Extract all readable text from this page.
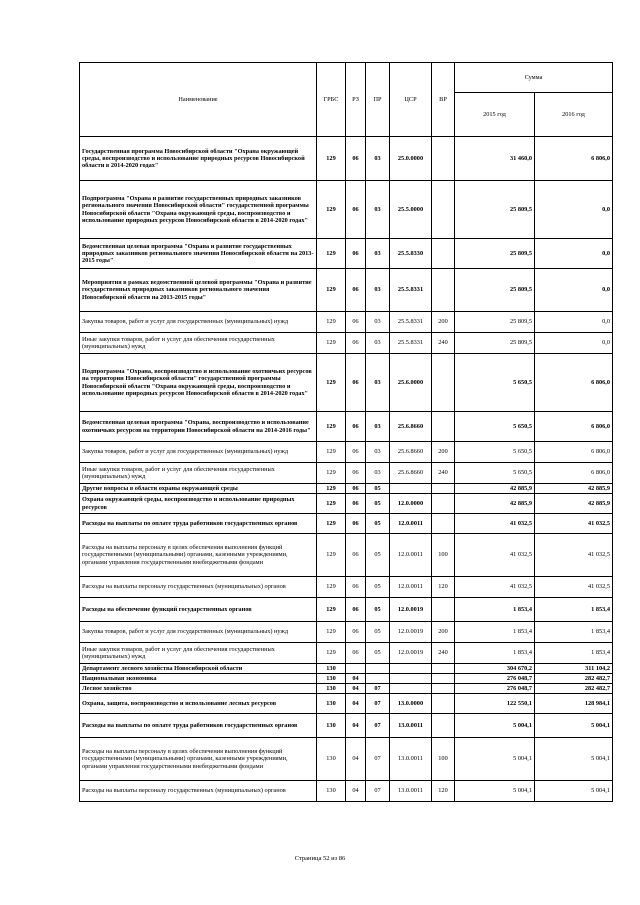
Наименование	ГРБС	РЗ	ПР	ЦСР	ВР	Сумма	
						2015 год	2016 год
Государственная программа Новосибирской области "Охрана окружающей среды, воспроизводство и использование природных ресурсов Новосибирской области в 2014-2020 годах"	129	06	03	25.0.0000		31 460,0	6 806,0
Подпрограмма "Охрана и развитие государственных природных заказников регионального значения Новосибирской области" государственной программы Новосибирской области "Охрана окружающей среды, воспроизводство и использование природных ресурсов Новосибирской области в 2014-2020 годах"	129	06	03	25.5.0000		25 809,5	0,0
Ведомственная целевая программа "Охрана и развитие государственных природных заказников регионального значения Новосибирской области на 2013-2015 годы"	129	06	03	25.5.8330		25 809,5	0,0
Мероприятия в рамках ведомственной целевой программы "Охрана и развитие государственных природных заказников регионального значения Новосибирской области на 2013-2015 годы"	129	06	03	25.5.8331		25 809,5	0,0
Закупка товаров, работ и услуг для государственных (муниципальных) нужд	129	06	03	25.5.8331	200	25 809,5	0,0
Иные закупки товаров, работ и услуг для обеспечения государственных (муниципальных) нужд	129	06	03	25.5.8331	240	25 809,5	0,0
Подпрограмма "Охрана, воспроизводство и использование охотничьих ресурсов на территории Новосибирской области" государственной программы Новосибирской области "Охрана окружающей среды, воспроизводство и использование природных ресурсов Новосибирской области в 2014-2020 годах"	129	06	03	25.6.0000		5 650,5	6 806,0
Ведомственная целевая программа "Охрана, воспроизводство и использование охотничьих ресурсов на территории Новосибирской области на 2014-2016 годы"	129	06	03	25.6.8660		5 650,5	6 806,0
Закупка товаров, работ и услуг для государственных (муниципальных) нужд	129	06	03	25.6.8660	200	5 650,5	6 806,0
Иные закупки товаров, работ и услуг для обеспечения государственных (муниципальных) нужд	129	06	03	25.6.8660	240	5 650,5	6 806,0
Другие вопросы в области охраны окружающей среды	129	06	05			42 885,9	42 885,9
Охрана окружающей среды, воспроизводство и использование природных ресурсов	129	06	05	12.0.0000		42 885,9	42 885,9
Расходы на выплаты по оплате труда работников государственных органов	129	06	05	12.0.0011		41 032,5	41 032,5
Расходы на выплаты персоналу в целях обеспечения выполнения функций государственными (муниципальными) органами, казенными учреждениями, органами управления государственными внебюджетными фондами	129	06	05	12.0.0011	100	41 032,5	41 032,5
Расходы на выплаты персоналу государственных (муниципальных) органов	129	06	05	12.0.0011	120	41 032,5	41 032,5
Расходы на обеспечение функций государственных органов	129	06	05	12.0.0019		1 853,4	1 853,4
Закупка товаров, работ и услуг для государственных (муниципальных) нужд	129	06	05	12.0.0019	200	1 853,4	1 853,4
Иные закупки товаров, работ и услуг для обеспечения государственных (муниципальных) нужд	129	06	05	12.0.0019	240	1 853,4	1 853,4
Департамент лесного хозяйства Новосибирской области	130					304 670,2	311 104,2
Национальная экономика	130	04				276 048,7	282 482,7
Лесное хозяйство	130	04	07			276 048,7	282 482,7
Охрана, защита, воспроизводство и использование лесных ресурсов	130	04	07	13.0.0000		122 550,1	128 984,1
Расходы на выплаты по оплате труда работников государственных органов	130	04	07	13.0.0011		5 004,1	5 004,1
Расходы на выплаты персоналу в целях обеспечения выполнения функций государственными (муниципальными) органами, казенными учреждениями, органами управления государственными внебюджетными фондами	130	04	07	13.0.0011	100	5 004,1	5 004,1
Расходы на выплаты персоналу государственных (муниципальных) органов	130	04	07	13.0.0011	120	5 004,1	5 004,1
Страница 52 из 86
